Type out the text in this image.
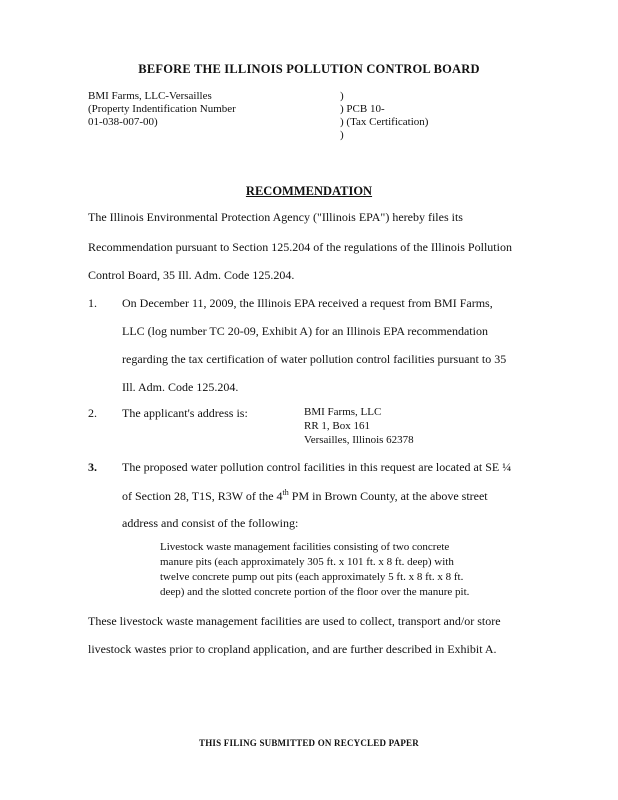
BEFORE THE ILLINOIS POLLUTION CONTROL BOARD
BMI Farms, LLC-Versailles
(Property Indentification Number
01-038-007-00)
)
) PCB 10-
) (Tax Certification)
)
RECOMMENDATION
The Illinois Environmental Protection Agency ("Illinois EPA") hereby files its
Recommendation pursuant to Section 125.204 of the regulations of the Illinois Pollution
Control Board, 35 Ill. Adm. Code 125.204.
1. On December 11, 2009, the Illinois EPA received a request from BMI Farms,
LLC (log number TC 20-09, Exhibit A) for an Illinois EPA recommendation
regarding the tax certification of water pollution control facilities pursuant to 35
Ill. Adm. Code 125.204.
2. The applicant's address is:	BMI Farms, LLC
RR 1, Box 161
Versailles, Illinois 62378
3. The proposed water pollution control facilities in this request are located at SE ¼
of Section 28, T1S, R3W of the 4th PM in Brown County, at the above street
address and consist of the following:
Livestock waste management facilities consisting of two concrete manure pits (each approximately 305 ft. x 101 ft. x 8 ft. deep) with twelve concrete pump out pits (each approximately 5 ft. x 8 ft. x 8 ft. deep) and the slotted concrete portion of the floor over the manure pit.
These livestock waste management facilities are used to collect, transport and/or store
livestock wastes prior to cropland application, and are further described in Exhibit A.
THIS FILING SUBMITTED ON RECYCLED PAPER
